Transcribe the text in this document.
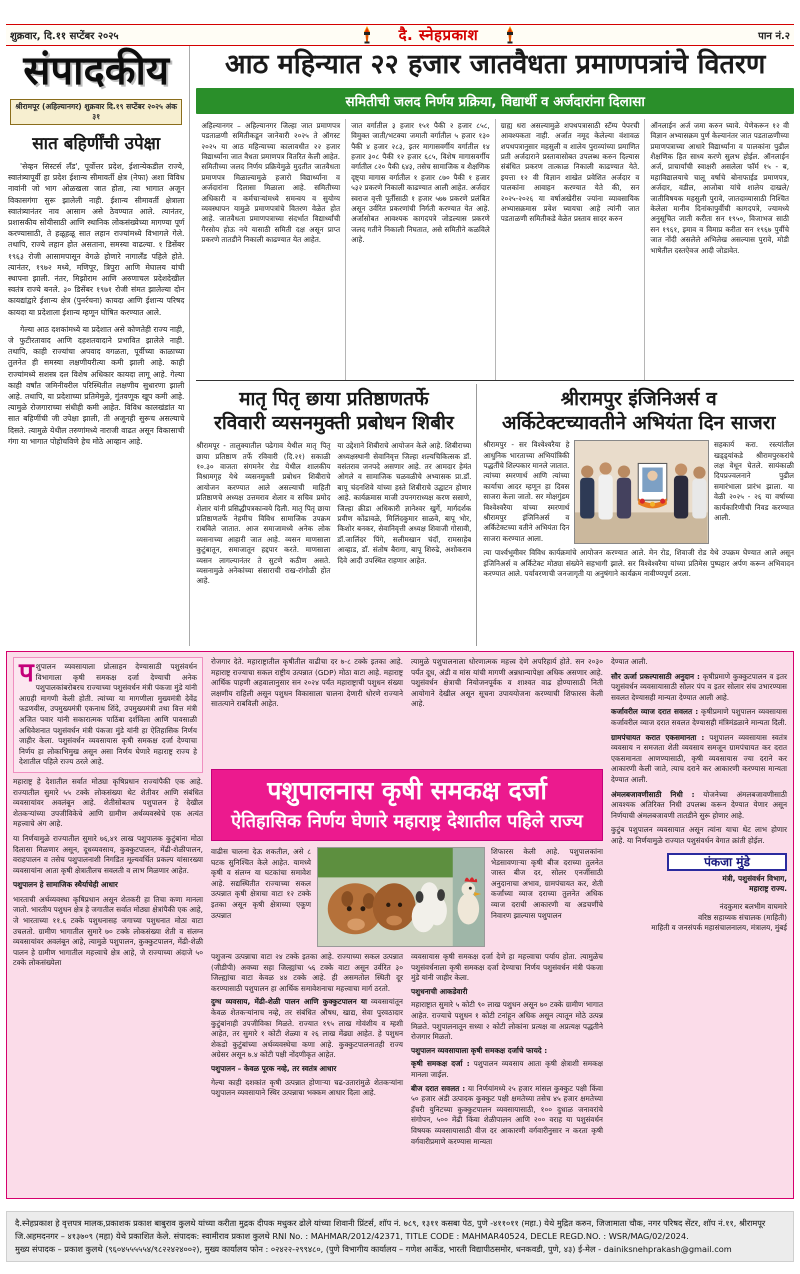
शुक्रवार, दि.११ सप्टेंबर २०२५	दै. स्नेहप्रकाश	पान नं.२
संपादकीय
श्रीरामपूर (अहिल्यानगर) शुक्रवार दि.१९ सप्टेंबर २०२५ अंक ३१
सात बहिर्णींची उपेक्षा

'सेव्हन सिस्टर्स लँड', पूर्वोत्तर प्रदेश, ईशान्येकडील राज्ये, स्वातंत्र्यापूर्वी हा प्रदेश ईशान्य सीमावर्ती क्षेत्र (नेफा) अशा विविध नावांनी जो भाग ओळखला जात होता, त्या भागात अजून विकासगंगा सुरू झालेली नाही. ईशान्य सीमावर्ती क्षेत्राला स्वातंत्र्यानंतर नाव आसाम असे ठेवण्यात आले. त्यानंतर, प्रशासकीय सोयीसाठी आणि स्थानिक लोकसंख्येच्या मागण्या पूर्ण करण्यासाठी, ते हळूहळू सात लहान राज्यांमध्ये विभागले गेले. तथापि, राज्ये लहान होत असताना, समस्या वाढल्या. १ डिसेंबर १९६३ रोजी आसामपासून वेगळे होणारे नागालँड पहिले होते. त्यानंतर, १९७२ मध्ये, मणिपूर, त्रिपुरा आणि मेघालय यांची स्थापना झाली. नंतर, मिझोराम आणि अरुणाचल प्रदेशदेखील स्वतंत्र राज्ये बनले. ३० डिसेंबर १९७१ रोजी संमत झालेल्या दोन कायद्यांद्वारे ईशान्य क्षेत्र (पुनर्रचना) कायदा आणि ईशान्य परिषद कायदा या प्रदेशाला ईशान्य म्हणून घोषित करण्यात आले.

गेल्या आठ दशकांमध्ये या प्रदेशात असे कोणतेही राज्य नाही, जे फुटीरतावाद आणि दहशतवादाने प्रभावित झालेले नाही. तथापि, काही राज्यांचा अपवाद वगळता, पूर्वीच्या काळाच्या तुलनेत ही समस्या लक्षणीयरीत्या कमी झाली आहे. काही राज्यांमध्ये सशस्त्र दल विशेष अधिकार कायदा लागू आहे. गेल्या काही वर्षांत जमिनीवरील परिस्थितीत लक्षणीय सुधारणा झाली आहे. तथापि, या प्रदेशाच्या प्रतिमेमुळे, गुंतवणूक खूप कमी आहे. त्यामुळे रोजगाराच्या संधीही कमी आहेत. विविध कालखंडांत या सात बहिणींची जी उपेक्षा झाली, ती अजूनही सुरूच असल्याचे दिसते. त्यामुळे येथील तरुणांमध्ये नाराजी वाढत असून विकासाची गंगा या भागात पोहोचविणे हेच मोठे आव्हान आहे.

आठ महिन्यात २२ हजार जातवैधता प्रमाणपत्रांचे वितरण
समितीची जलद निर्णय प्रक्रिया, विद्यार्थी व अर्जदारांना दिलासा
अहिल्यानगर – अहिल्यानगर जिल्हा जात प्रमाणपत्र पडताळणी समितीकडून जानेवारी २०२५ ते ऑगस्ट २०२५ या आठ महिन्याच्या कालावधीत २२ हजार विद्यार्थ्यांना जात वैधता प्रमाणपत्र वितरित केली आहेत. समितीच्या जलद निर्णय प्रक्रियेमुळे मुदतीत जातवैधता प्रमाणपत्र मिळाल्यामुळे हजारो विद्यार्थ्यांना व अर्जदारांना दिलासा मिळाला आहे. समितीच्या अधिकारी व कर्मचाऱ्यांमध्ये समन्वय व सुयोग्य व्यवस्थापन यामुळे प्रमाणपत्रांचे वितरण वेळेत होत आहे. जातवैधता प्रमाणपत्राच्या संदर्भात विद्यार्थ्यांची गैरसोय होऊ नये यासाठी समिती दक्ष असून प्राप्त प्रकरणे तातडीने निकाली काढण्यात येत आहेत.
जात वर्गातील ३ हजार १५१ पैकी २ हजार ८५८, विमुक्त जाती/भटक्या जमाती वर्गातील ५ हजार १३० पैकी ४ हजार २८३, इतर मागासवर्गीय वर्गातील १४ हजार ३०८ पैकी १२ हजार ६८५, विशेष मागासवर्गीय वर्गातील ८२० पैकी ६४३, तसेच सामाजिक व शैक्षणिक दृष्ट्या मागास वर्गातील १ हजार ८७० पैकी १ हजार ५३२ प्रकरणे निकाली काढण्यात आली आहेत. अर्जदार स्वराज वृत्ती पूर्तीसाठी १ हजार ५७७ प्रकरणे प्रलंबित असून उर्वरित प्रकरणांची निर्गती करण्यात येत आहे. अर्जासोबत आवश्यक कागदपत्रे जोडल्यास प्रकरणे जलद गतीने निकाली निघतात, असे समितीने कळविले आहे.
ग्राह्य धरा असल्यामुळे शपथपत्रासाठी स्टॅम्प पेपरची आवश्यकता नाही. अर्जात नमूद केलेल्या वंशावळ शपथपत्रानुसार महसुली व शालेय पुराव्यांच्या प्रमाणित प्रती अर्जदाराने प्रस्तावासोबत उपलब्ध करुन दिल्यास संबंधित प्रकरण तात्काळ निकाली काढण्यात येते. इयत्ता १२ वी विज्ञान शाखेत प्रवेशित अर्जदार व पालकांना आवाहन करण्यात येते की, सन २०२५-२०२६ या वर्षाअखेरीस ज्यांना व्यावसायिक अभ्यासक्रमास प्रवेश घ्यायचा आहे त्यांनी जात पडताळणी समितीकडे वेळेत प्रस्ताव सादर करुन
ऑनलाईन अर्ज जमा करुन घ्यावे. येणेकरून १२ वी विज्ञान अभ्यासक्रम पुर्ण केल्यानंतर जात पडताळणीच्या प्रमाणपत्राच्या आधारे विद्यार्थ्यांना व पालकांना पुढील शैक्षणिक हित साध्य करणे सुलभ होईल. ऑनलाईन अर्ज, प्राचार्यांची स्वाक्षरी असलेला फॉर्म १५ - ब, महाविद्यालयाचे चालू वर्षाचे बोनाफाईड प्रमाणपत्र, अर्जदार, वडील, आजोबा यांचे शालेय दाखले/ जातीविषयक महसुली पुरावे, जातदाव्यासाठी निश्चित केलेला मानीव दिनांकापुर्वीची कागदपत्रे, ज्यामध्ये अनुसूचित जाती करीता सन १९५०, विजाभज साठी सन १९६१, इमाव व विमाप्र करीता सन १९६७ पुर्वीचे जात नोंदी असलेले अभिलेख असल्यास पुरावे, मोडी भाषेतील दस्तऐवज आदी जोडावेत.
मातृ पितृ छाया प्रतिष्ठाणतर्फे
रविवारी व्यसनमुक्ती प्रबोधन शिबीर
श्रीरामपूर - तालुक्यातील पढेगाव येथील मातृ पितृ छाया प्रतिष्ठाण तर्फे रविवारी (दि.२१) सकाळी १०.३० वाजता संगमनेर रोड येथील शालकीय विश्रामगृह येथे व्यसनमुक्ती प्रबोधन शिबीराचे आयोजन करण्यात आले असल्याची माहिती प्रतिष्ठाणचे अध्यक्ष उत्तमराव शेलार व सचिव प्रमोद शेलार यांनी प्रसिद्धीपत्रकान्वये दिली. मातृ पितृ छाया प्रतिष्ठाणतर्फे नेहमीच विविध सामाजिक उपक्रम राबविले जातात. आज समाजामध्ये अनेक लोक व्यसनाच्या आहारी जात आहे. व्यसन माणसाला कुटुंबातून, समाजातून हद्दपार करते. माणसाला व्यसन लागल्यानंतर ते सुटणे कठीण असते. व्यसनामुळे अनेकांच्या संसाराची राख-रांगोळी होत आहे.
या उद्देशाने शिबीराचे आयोजन केले आहे. शिबीराच्या अध्यक्षस्थानी सेवानिवृत्त जिल्हा शल्यचिकित्सक डॉ. वसंतराव जनपदे असणार आहे. तर आमदार हेमंत ओगले व सामाजिक चळवळीचे अभ्यासक प्रा.डॉ. बापू चंदनशिवे यांच्या हस्ते शिबीराचे उद्घाटन होणार आहे. कार्यक्रमास माजी उपनगराध्यक्ष करण ससाणे, जिल्हा क्रीडा अधिकारी ज्ञानेश्वर खुर्गे, मार्गदर्शक प्रवीण कोंढावळे, मिलिंदकुमार साळवे, बापू भोर, किशोर बनकर, सेवानिवृत्ती अध्यक्ष शिवाजी गोसावी, डॉ.जालिंदर पिंगे, सलीमखान चंदॉ, रामसाहेब आव्हाड, डॉ. संतोष बैरागा, बापू शिरुढे, अशोकराव दिवे आदी उपस्थित राहणार आहेत.
श्रीरामपुर इंजिनिअर्स व
अर्किटेक्टच्यावतीने अभियंता दिन साजरा
श्रीरामपुर - सर विश्वेश्वरैया हे आधुनिक भारताच्या अभियांत्रिकी पद्धतींचे शिल्पकार मानले जातात. त्यांच्या स्मरणार्थ आणि त्यांच्या कार्याचा आदर म्हणून हा दिवस साजरा केला जातो. सर मोक्षगुंडम विश्वेश्वरैया यांच्या स्मरणार्थ श्रीरामपुर इंजिनिअर्स व अर्किटेक्टच्या वतीने अभियंता दिन साजरा करण्यात आला.
सहकार्य करा. रस्त्यांतील खड्ड्यांकडे श्रीरामपुरकरांचे लक्ष वेधून घेतले. सायंकाळी दिपप्रज्वलनाने पुढील समारंभाला प्रारंभ झाला. या वेळी २०२५ - २६ या वर्षाच्या कार्यकारिणीची निवड करण्यात आली.
त्या पार्श्वभूमीवर विविध कार्यक्रमांचे आयोजन करण्यात आले. मेन रोड, शिवाजी रोड येथे उपक्रम घेण्यात आले असून इंजिनिअर्स व अर्किटेक्ट मोठ्या संख्येने सहभागी झाले. सर विश्वेश्वरैया यांच्या प्रतिमेस पुष्पहार अर्पण करून अभिवादन करण्यात आले. पर्यावरणाची जनजागृती या अनुषंगाने कार्यक्रम नावीण्यपूर्ण ठरला.
पशुपालन व्यवसायाला प्रोत्साहन देण्यासाठी पशुसंवर्धन विभागाला कृषी समकक्ष दर्जा देण्याची अनेक पशुपालकांबरोबरच राज्याच्या पशुसंवर्धन मंत्री पंकजा मुंडे यांनी आग्रही मागणी केली होती. त्यांच्या या मागणीला मुख्यमंत्री देवेंद्र फडणवीस, उपमुख्यमंत्री एकनाथ शिंदे, उपमुख्यमंत्री तथा वित्त मंत्री अजित पवार यांनी सकारात्मक पाठिंबा दर्शविला आणि पावसाळी अधिवेशनात पशुसंवर्धन मंत्री पंकजा मुंडे यांनी हा ऐतिहासिक निर्णय जाहीर केला. पशुसंवर्धन व्यवसायास कृषी समकक्ष दर्जा देण्याचा निर्णय हा लोकाभिमुख असून असा निर्णय घेणारे महाराष्ट्र राज्य हे देशातील पहिले राज्य ठरले आहे.

महाराष्ट्र हे देशातील सर्वात मोठ्या कृषिप्रधान राज्यांपैकी एक आहे. राज्यातील सुमारे ५५ टक्के लोकसंख्या थेट शेतीवर आणि संबंधित व्यवसायांवर अवलंबून आहे. शेतीसोबतच पशुपालन हे देखील शेतकऱ्यांच्या उपजीविकेचे आणि ग्रामीण अर्थव्यवस्थेचे एक अत्यंत महत्त्वाचे अंग आहे.

या निर्णयामुळे राज्यातील सुमारे ७६,४१ लाख पशुपालक कुटुंबांना मोठा दिलासा मिळणार असून, दूधव्यवसाय, कुक्कुटपालन, मेंढी-शेळीपालन, वराहपालन व तसेच पशुपालनाशी निगडित मूल्यवर्धित प्रकल्प यांसारख्या व्यवसायांना आता कृषी क्षेत्रातीलच सवलती व लाभ मिळणार आहेत.

पशुपालन हे सामाजिक स्थैर्याचेही आधार

भारताची अर्थव्यवस्था कृषिप्रधान असून शेतकरी हा तिचा कणा मानला जातो. भारतीय पशुधन क्षेत्र हे जगातील सर्वात मोठ्या क्षेत्रांपैकी एक आहे, जे भारताच्या ११.६ टक्के पशुधनासह जगाच्या पशुधनात मोठा वाटा उचलतो. ग्रामीण भागातील सुमारे ७० टक्के लोकसंख्या शेती व संलग्न व्यवसायांवर अवलंबून आहे, त्यामुळे पशुपालन, कुक्कुटपालन, मेंढी-शेळी पालन हे ग्रामीण भागातील महत्त्वाचे क्षेत्र आहे, जे राज्याच्या अंदाजे ५० टक्के लोकसंख्येला

रोजगार देते. महाराष्ट्रातील कृषीतील वाढीचा दर ७-८ टक्के इतका आहे. महाराष्ट्र राज्याचा सकल राष्ट्रीय उत्पन्नात (GDP) मोठा वाटा आहे. महाराष्ट्र आर्थिक पाहणी अहवालानुसार सन २०२४ पर्यंत महाराष्ट्राची पशुधन संख्या लक्षणीय राहिली असून पशुधन विकासाला चालना देणारी धोरणे राज्याने सातत्याने राबविली आहेत.
त्यामुळे पशुपालनाला धोरणात्मक महत्त्व देणे अपरिहार्य होते. सन २०३० पर्यंत दूध, अंडी व मांस यांची मागणी अन्नधान्यापेक्षा अधिक असणार आहे. पशुसंवर्धन क्षेत्राची नियोजनपूर्वक व शाश्वत वाढ होण्यासाठी निती आयोगाने देखील असून सूचना उपाययोजना करण्याची शिफारस केली आहे.
पशुपालनास कृषी समकक्ष दर्जा
ऐतिहासिक निर्णय घेणारे महाराष्ट्र देशातील पहिले राज्य
वाढीस चालना देऊ शकतील, असे ८ घटक सुनिश्चित केले आहेत. यामध्ये कृषी व संलग्न या घटकांचा समावेश आहे. सद्यस्थितीत राज्याच्या सकल उत्पन्नात कृषी क्षेत्राचा वाटा १२ टक्के इतका असून कृषी क्षेत्राच्या एकूण उत्पन्नात
शिफारस केली आहे. पशुपालकांना भेडसावणाऱ्या कृषी बीज दराच्या तुलनेत जास्त बीज दर, सोलर एनर्जीसाठी अनुदानाचा अभाव, ग्रामपंचायत कर, शेती कर्जांच्या व्याज दराच्या तुलनेत अधिक व्याज दराची आकारणी या अडचणींचे निवारण झाल्यास पशुपालन

पशुजन्य उत्पन्नाचा वाटा २४ टक्के इतका आहे. राज्याच्या सकल उत्पन्नात (जीडीपी) अवघ्या सहा जिल्ह्यांचा ५६ टक्के वाटा असून उर्वरित ३० जिल्ह्यांचा वाटा केवळ ४४ टक्के आहे. ही असमतोल स्थिती दूर करण्यासाठी पशुपालन हा आर्थिक समावेशनाचा महत्त्वाचा मार्ग ठरतो.

दुग्ध व्यवसाय, मेंढी-शेळी पालन आणि कुक्कुटपालन या व्यवसायांतून केवळ शेतकऱ्यांनाच नव्हे, तर संबंधित औषध, खाद्य, सेवा पुरवठादार कुटुंबांनाही उपजीविका मिळते. राज्यात १९५ लाख गोवंशीय व म्हशी आहेत, तर सुमारे १ कोटी शेळ्या व २६ लाख मेंढ्या आहेत. हे पशुधन शेकडो कुटुंबांच्या अर्थव्यवस्थेचा कणा आहे. कुक्कुटपालनातही राज्य अग्रेसर असून ७.४ कोटी पक्षी नोंदणीकृत आहेत.

पशुपालन – केवळ पूरक नव्हे, तर स्वतंत्र आधार

गेल्या काही दशकांत कृषी उत्पन्नात होणाऱ्या चढ-उतारांमुळे शेतकऱ्यांना पशुपालन व्यवसायाने स्थिर उत्पन्नाचा भक्कम आधार दिला आहे.

व्यवसायास कृषी समकक्ष दर्जा देणे हा महत्त्वाचा पर्याय होता. त्यामुळेच पशुसंवर्धनाला कृषी समकक्ष दर्जा देण्याचा निर्णय पशुसंवर्धन मंत्री पंकजा मुंडे यांनी जाहीर केला.

पशुधनाची आकडेवारी

महाराष्ट्रात सुमारे ५ कोटी ९० लाख पशुधन असून ७० टक्के ग्रामीण भागात आहेत. राज्याचे पशुधन १ कोटी टनांहून अधिक असून त्यातून मोठे उत्पन्न मिळते. पशुपालनातून सध्या २ कोटी लोकांना प्रत्यक्ष वा अप्रत्यक्ष पद्धतीने रोजगार मिळतो.

पशुपालन व्यवसायाला कृषी समकक्ष दर्जाचे फायदे :

कृषी समकक्ष दर्जा : पशुपालन व्यवसाय आता कृषी क्षेत्राशी समकक्ष मानला जाईल.

बीज दरात सवलत : या निर्णयांमध्ये २५ हजार मांसल कुक्कुट पक्षी किंवा ५० हजार अंडी उत्पादक कुक्कुट पक्षी क्षमतेच्या तसेच ४५ हजार क्षमतेच्या हॅचरी युनिटच्या कुक्कुटपालन व्यवसायासाठी, १०० दुधाळ जनावरांचे संगोपन, ५०० मेंढी किंवा शेळीपालन आणि २०० वराह या पशुसंवर्धन विषयक व्यवसायासाठी वीज दर आकारणी वर्गवारीनुसार न करता कृषी वर्गवारीप्रमाणे करण्यास मान्यता

देण्यात आली.

सौर ऊर्जा प्रकल्पासाठी अनुदान : कृषीप्रमाणे कुक्कुटपालन व इतर पशुसंवर्धन व्यवसायासाठी सोलर पंप व इतर सोलार संच उभारण्यास सवलत देण्यासही मान्यता देण्यात आली आहे.

कर्जावरील व्याज दरात सवलत : कृषीप्रमाणे पशुपालन व्यवसायास कर्जावरील व्याज दरात सवलत देण्यासही मंत्रिमंडळाने मान्यता दिली.

ग्रामपंचायत करात एकसमानता : पशुपालन व्यवसायास स्वतंत्र व्यवसाय न समजता शेती व्यवसाय समजून ग्रामपंचायत कर दरात एकसमानता आणण्यासाठी, कृषी व्यवसायास ज्या दराने कर आकारणी केली जाते, त्याच दराने कर आकारणी करण्यास मान्यता देण्यात आली.

अंमलबजावणीसाठी निधी : योजनेच्या अंमलबजावणीसाठी आवश्यक अतिरिक्त निधी उपलब्ध करून देण्यात येणार असून निर्णयाची अंमलबजावणी तातडीने सुरू होणार आहे.

कुटुंब पशुपालन व्यवसायात असून त्यांना याचा थेट लाभ होणार आहे. या निर्णयामुळे राज्यात पशुसंवर्धन वेगात क्रांती होईल.

पंकजा मुंडे
मंत्री, पशुसंवर्धन विभाग,
महाराष्ट्र राज्य.
नंदकुमार बलभीम वाघमारे
वरिष्ठ सहाय्यक संचालक (माहिती)
माहिती व जनसंपर्क महासंचालनालय, मंत्रालय, मुंबई
दै.स्नेहप्रकाश हे वृत्तपत्र मालक,प्रकाशक प्रकाश बाबुराव कुलथे यांच्या करीता मुद्रक दीपक मधुकर ढोले यांच्या शिवानी प्रिंटर्स, शॉप नं. ७८९, १३११ कसबा पेठ, पुणे -४११०११ (महा.) येथे मुद्रित करुन, जिजामाता चौक, नगर परिषद सेंटर, शॉप नं.११, श्रीरामपूर
जि.अहमदनगर – ४१३७०९ (महा) येथे प्रकाशित केले. संपादक: स्वामीराव प्रकाश कुलथे RNI No. : MAHMAR/2012/42371, TITLE CODE : MAHMAR40524, DECLE REGD.NO. : WSR/MAG/02/2024.
मुख्य संपादक – प्रकाश कुलथे (९६०४५५५५५४/९८२२४२४००२), मुख्य कार्यालय फोन : ०२४२२-२९९४८०, (पुणे विभागीय कार्यालय – गणेश आर्केड, भारती विद्यापीठसमोर, धनकवडी, पुणे, ४३) ई-मेल - dainiksnehprakash@gmail.com
